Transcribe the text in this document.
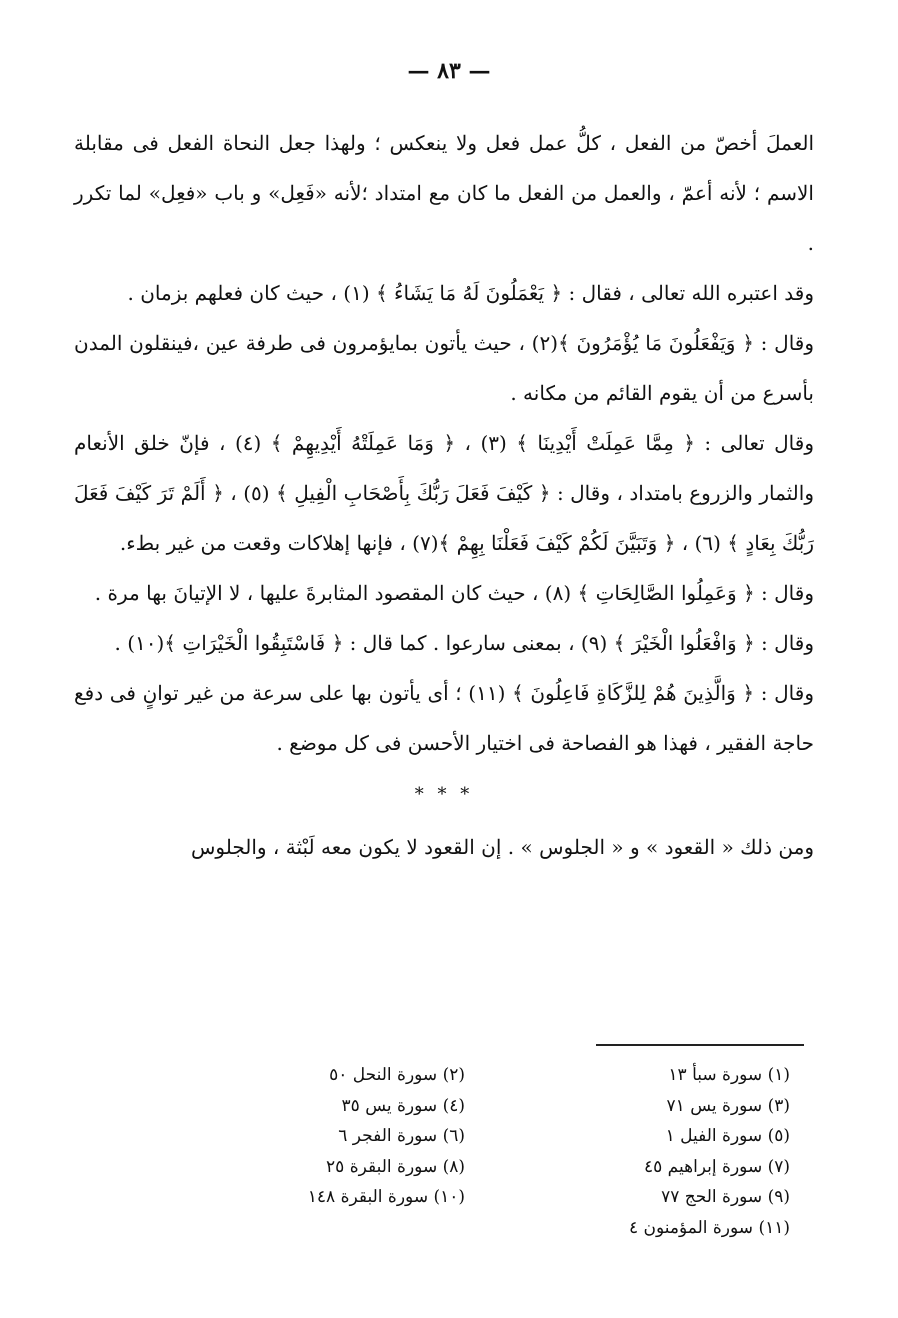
— ٨٣ —

العملَ أخصّ من الفعل ، كلُّ عمل فعل ولا ينعكس ؛ ولهذا جعل النحاة الفعل فى مقابلة الاسم ؛ لأنه أعمّ ، والعمل من الفعل ما كان مع امتداد ؛لأنه «فَعِل» و باب «فعِل» لما تكرر .

وقد اعتبره الله تعالى ، فقال : ﴿ يَعْمَلُونَ لَهُ مَا يَشَاءُ ﴾ (١) ، حيث كان فعلهم بزمان .

وقال : ﴿ وَيَفْعَلُونَ مَا يُؤْمَرُونَ ﴾(٢) ، حيث يأتون بمايؤمرون فى طرفة عين ،فينقلون المدن بأسرع من أن يقوم القائم من مكانه .

وقال تعالى : ﴿ مِمَّا عَمِلَتْ أَيْدِينَا ﴾ (٣) ، ﴿ وَمَا عَمِلَتْهُ أَيْدِيهِمْ ﴾ (٤) ، فإنّ خلق الأنعام والثمار والزروع بامتداد ، وقال : ﴿ كَيْفَ فَعَلَ رَبُّكَ بِأَصْحَابِ الْفِيلِ ﴾ (٥) ، ﴿ أَلَمْ تَرَ كَيْفَ فَعَلَ رَبُّكَ بِعَادٍ ﴾ (٦) ، ﴿ وَتَبَيَّنَ لَكُمْ كَيْفَ فَعَلْنَا بِهِمْ ﴾(٧) ، فإنها إهلاكات وقعت من غير بطء.

وقال : ﴿ وَعَمِلُوا الصَّالِحَاتِ ﴾ (٨) ، حيث كان المقصود المثابرةَ عليها ، لا الإتيانَ بها مرة .

وقال : ﴿ وَافْعَلُوا الْخَيْرَ ﴾ (٩) ، بمعنى سارعوا . كما قال : ﴿ فَاسْتَبِقُوا الْخَيْرَاتِ ﴾(١٠) .

وقال : ﴿ وَالَّذِينَ هُمْ لِلزَّكَاةِ فَاعِلُونَ ﴾ (١١) ؛ أى يأتون بها على سرعة من غير توانٍ فى دفع حاجة الفقير ، فهذا هو الفصاحة فى اختيار الأحسن فى كل موضع .

* * *

ومن ذلك « القعود » و « الجلوس » . إن القعود لا يكون معه لَبْثة ، والجلوس

(١) سورة سبأ ١٣
(٢) سورة النحل ٥٠
(٣) سورة يس ٧١
(٤) سورة يس ٣٥
(٥) سورة الفيل ١
(٦) سورة الفجر ٦
(٧) سورة إبراهيم ٤٥
(٨) سورة البقرة ٢٥
(٩) سورة الحج ٧٧
(١٠) سورة البقرة ١٤٨
(١١) سورة المؤمنون ٤
